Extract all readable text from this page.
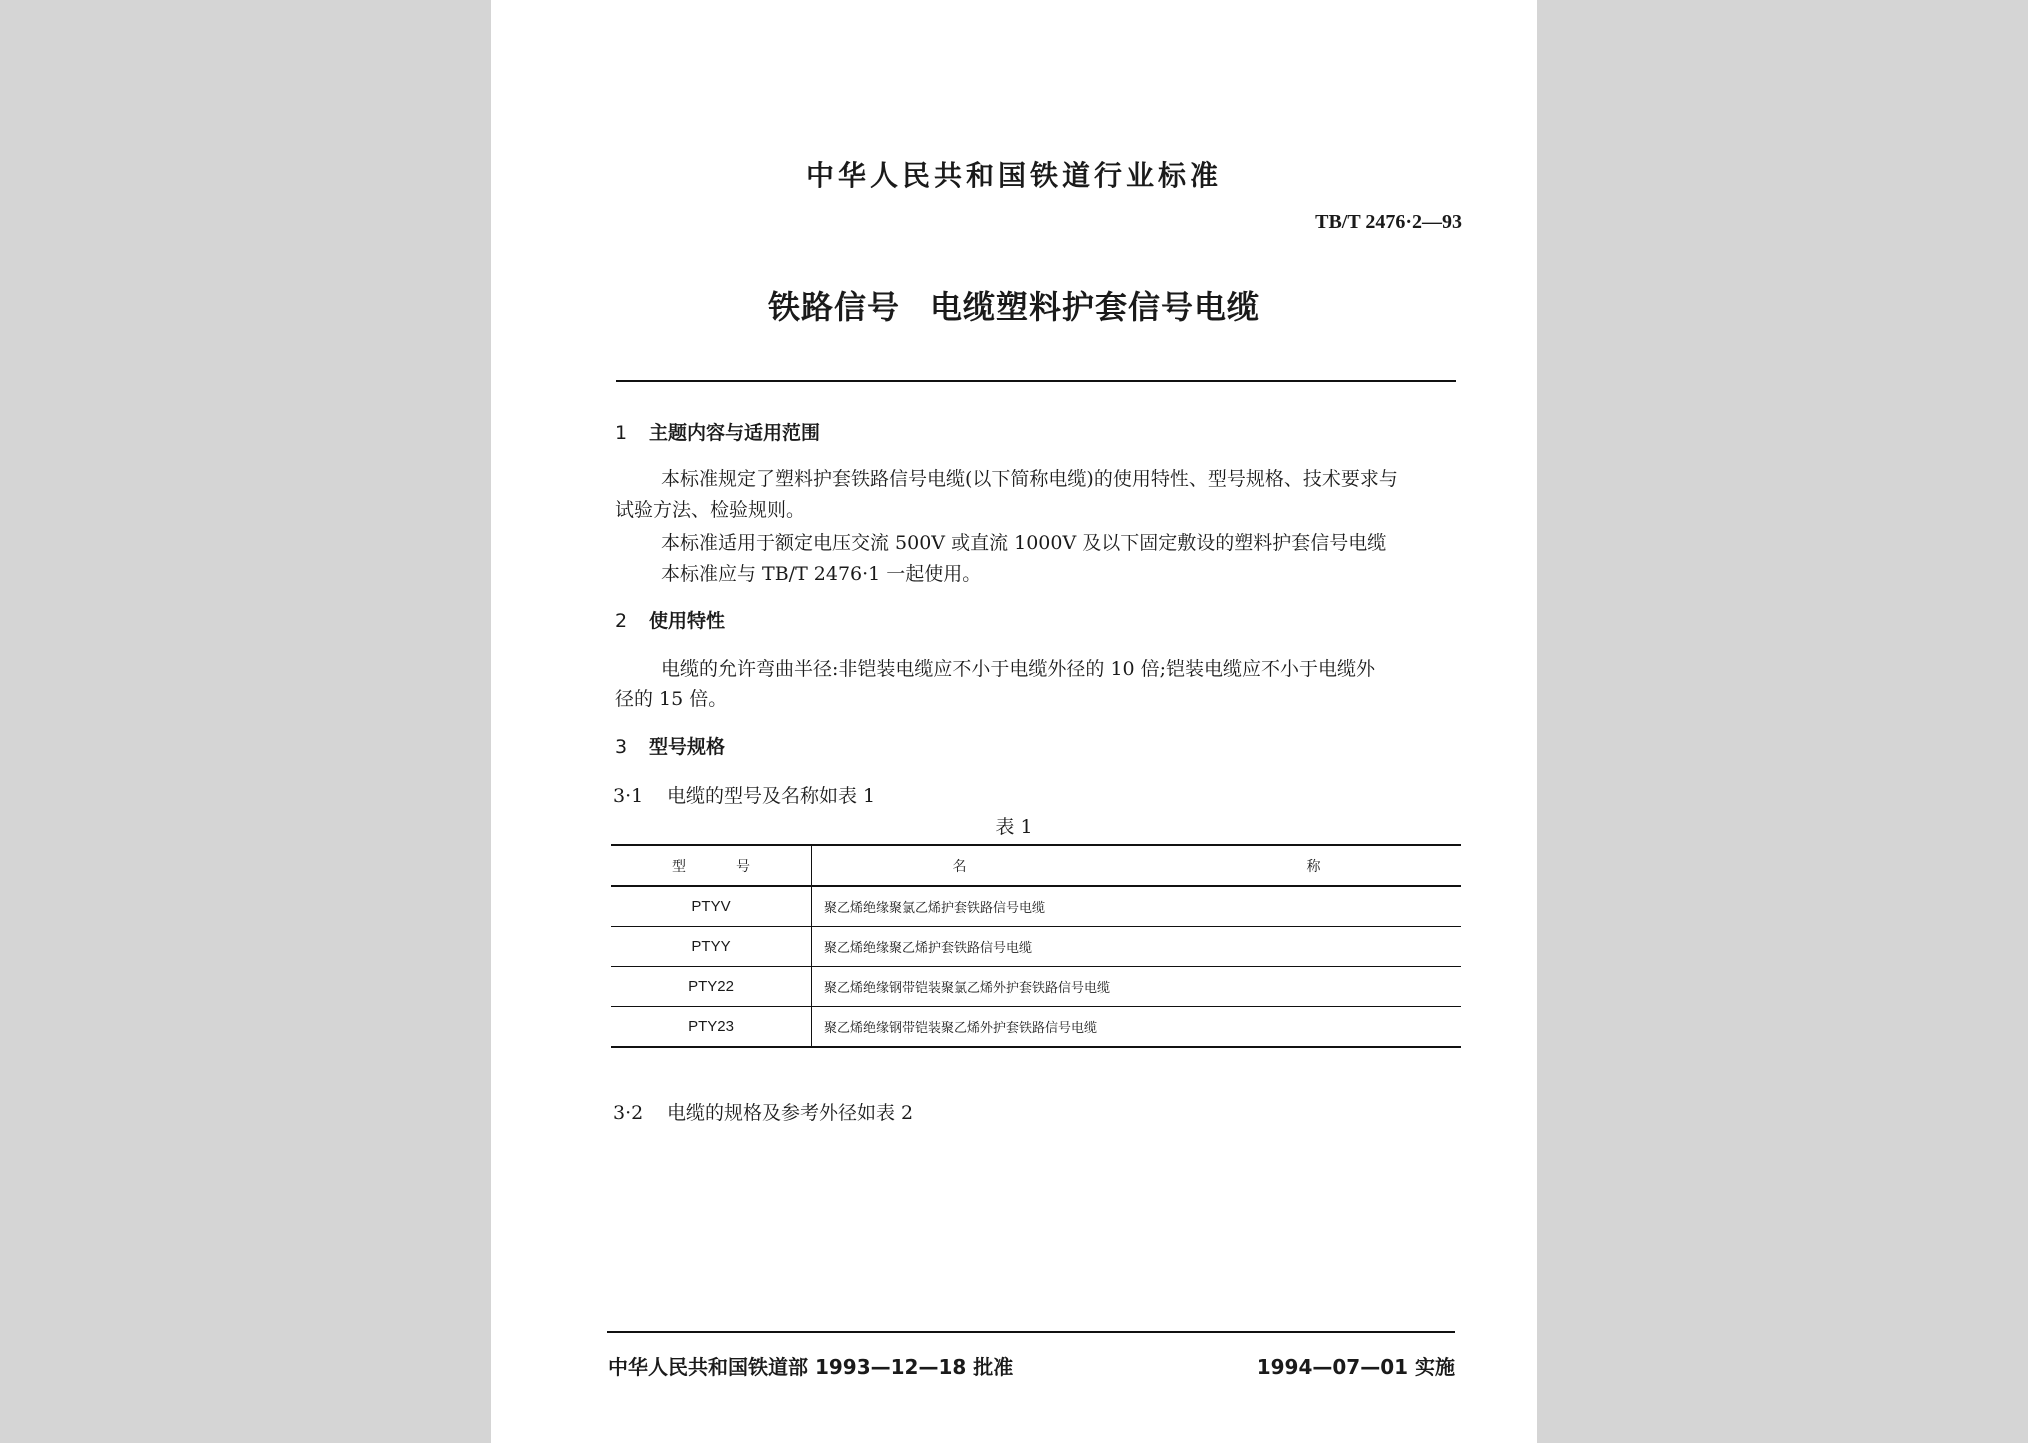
中华人民共和国铁道行业标准
TB/T 2476·2—93
铁路信号 电缆塑料护套信号电缆
1 主题内容与适用范围
本标准规定了塑料护套铁路信号电缆(以下简称电缆)的使用特性、型号规格、技术要求与
试验方法、检验规则。
本标准适用于额定电压交流 500V 或直流 1000V 及以下固定敷设的塑料护套信号电缆
本标准应与 TB/T 2476·1 一起使用。
2 使用特性
电缆的允许弯曲半径:非铠装电缆应不小于电缆外径的 10 倍;铠装电缆应不小于电缆外
径的 15 倍。
3 型号规格
3·1 电缆的型号及名称如表 1
表 1
型 号	名 称
PTYV	聚乙烯绝缘聚氯乙烯护套铁路信号电缆
PTYY	聚乙烯绝缘聚乙烯护套铁路信号电缆
PTY22	聚乙烯绝缘钢带铠装聚氯乙烯外护套铁路信号电缆
PTY23	聚乙烯绝缘钢带铠装聚乙烯外护套铁路信号电缆
3·2 电缆的规格及参考外径如表 2
中华人民共和国铁道部 1993—12—18 批准	1994—07—01 实施
